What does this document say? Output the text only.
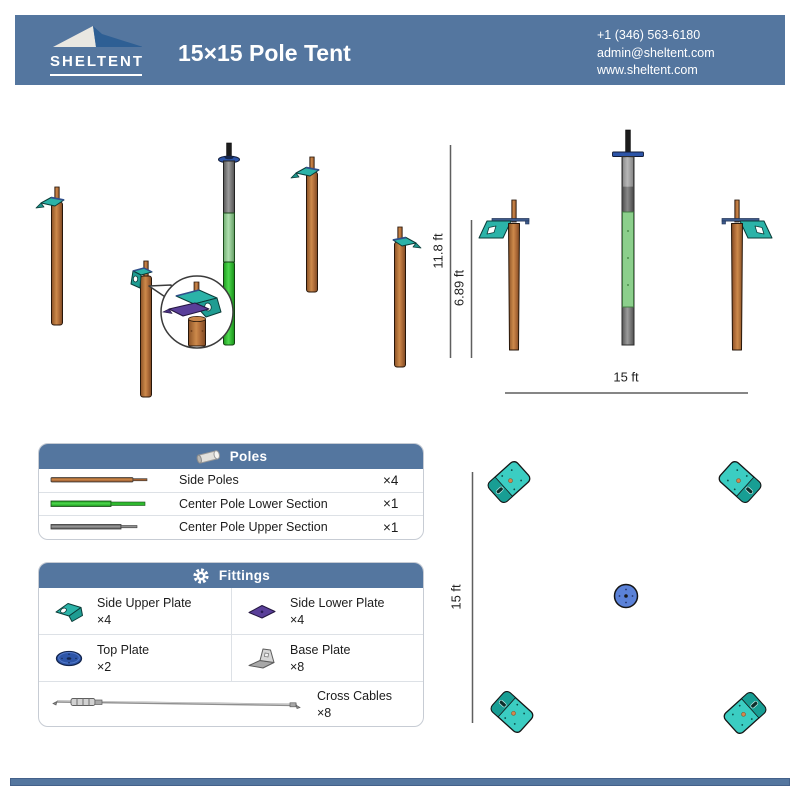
SHELTENT 15×15 Pole Tent
+1 (346) 563-6180
admin@sheltent.com
www.sheltent.com
11.8 ft
6.89 ft
15 ft
15 ft
Poles
Side Poles	×4
Center Pole Lower Section	×1
Center Pole Upper Section	×1
Fittings
Side Upper Plate
×4
Side Lower Plate
×4
Top Plate
×2
Base Plate
×8
Cross Cables
×8
